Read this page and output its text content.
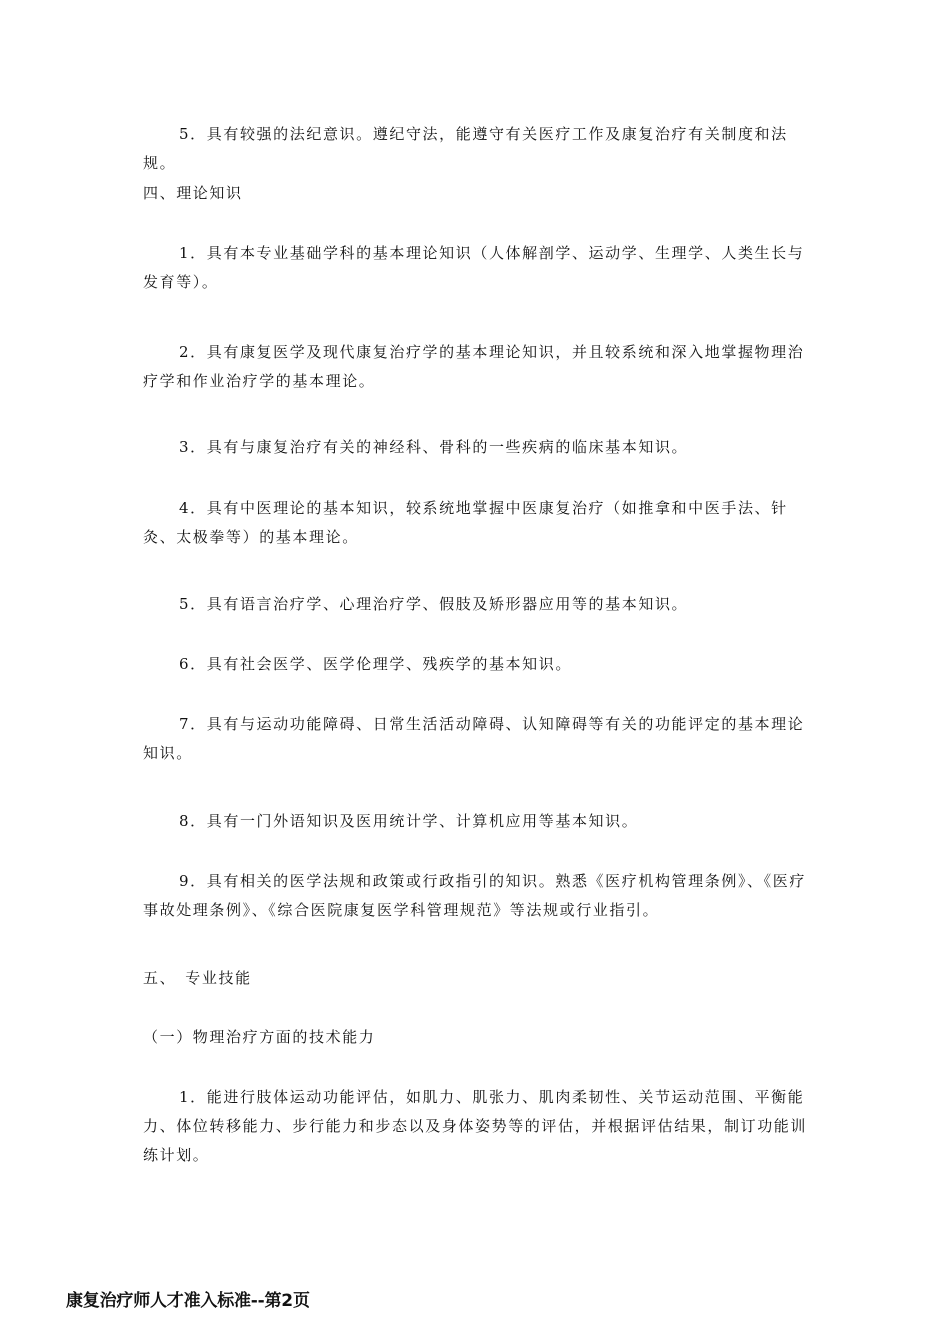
5．具有较强的法纪意识。遵纪守法，能遵守有关医疗工作及康复治疗有关制度和法规。

四、理论知识

1．具有本专业基础学科的基本理论知识（人体解剖学、运动学、生理学、人类生长与发育等）。

2．具有康复医学及现代康复治疗学的基本理论知识，并且较系统和深入地掌握物理治疗学和作业治疗学的基本理论。

3．具有与康复治疗有关的神经科、骨科的一些疾病的临床基本知识。

4．具有中医理论的基本知识，较系统地掌握中医康复治疗（如推拿和中医手法、针灸、太极拳等）的基本理论。

5．具有语言治疗学、心理治疗学、假肢及矫形器应用等的基本知识。

6．具有社会医学、医学伦理学、残疾学的基本知识。

7．具有与运动功能障碍、日常生活活动障碍、认知障碍等有关的功能评定的基本理论知识。

8．具有一门外语知识及医用统计学、计算机应用等基本知识。

9．具有相关的医学法规和政策或行政指引的知识。熟悉《医疗机构管理条例》、《医疗事故处理条例》、《综合医院康复医学科管理规范》等法规或行业指引。

五、　专业技能

（一）物理治疗方面的技术能力

1．能进行肢体运动功能评估，如肌力、肌张力、肌肉柔韧性、关节运动范围、平衡能力、体位转移能力、步行能力和步态以及身体姿势等的评估，并根据评估结果，制订功能训练计划。

康复治疗师人才准入标准--第2页
